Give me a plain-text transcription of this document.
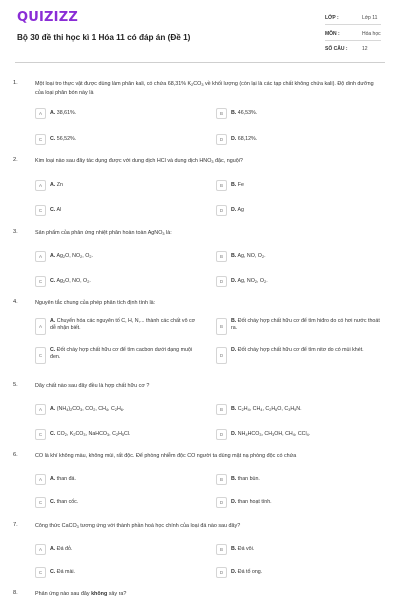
QUIZIZZ
Bộ 30 đề thi học kì 1 Hóa 11 có đáp án (Đề 1)
LỚP :	Lớp 11
MÔN :	Hóa học
SỐ CÂU :	12
1.	Một loại tro thực vật được dùng làm phân kali, có chứa 68,31% $K_2CO_3$ về khối lượng (còn lại là các tạp chất không chứa kali). Độ dinh dưỡng của loại phân bón này là
A	A. 38,61%.	B	B. 46,53%.
C	C. 56,52%.	D	D. 68,12%.
2.	Kim loại nào sau đây tác dụng được với dung dịch HCl và dung dịch $HNO_3$ đặc, nguội?
A	A. Zn	B	B. Fe
C	C. Al	D	D. Ag
3.	Sản phẩm của phản ứng nhiệt phân hoàn toàn AgNO$_3$ là:
A	A. $Ag_2O$, $NO_2$, $O_2$.	B	B. Ag, NO, $O_2$.
C	C. $Ag_2O$, NO, $O_2$.	D	D. Ag, $NO_2$, $O_2$.
4.	Nguyên tắc chung của phép phân tích định tính là:
A
A. Chuyển hóa các nguyên tố C, H, N,... thành các chất vô cơ dễ nhận biết.	B
B. Đốt cháy hợp chất hữu cơ để tìm hiđro do có hơi nước thoát ra.
C
C. Đốt cháy hợp chất hữu cơ để tìm cacbon dưới dạng muội đen.	D
D. Đốt cháy hợp chất hữu cơ để tìm nitơ do có mùi khét.
5.	Dãy chất nào sau đây đều là hợp chất hữu cơ ?
A	A. $(NH_4)_2CO_3$, $CO_2$, $CH_4$, $C_2H_6$.	B	B. $C_2H_4$, $CH_4$, $C_2H_6O$, $C_3H_9N$.
C	C. $CO_2$, $K_2CO_3$, NaHCO$_3$, $C_2H_5Cl$.	D	D. $NH_4HCO_3$, $CH_3OH$, $CH_4$, CCl$_4$.
6.	CO là khí không màu, không mùi, rất độc. Để phòng nhiễm độc CO người ta dùng mặt nạ phòng độc có chứa
A	A. than đá.	B	B. than bùn.
C	C. than cốc.	D	D. than hoạt tính.
7.	Công thức CaCO$_3$ tương ứng với thành phần hoá học chính của loại đá nào sau đây?
A	A. Đá đỏ.	B	B. Đá vôi.
C	C. Đá mài.	D	D. Đá tổ ong.
8.	Phản ứng nào sau đây không xảy ra?
